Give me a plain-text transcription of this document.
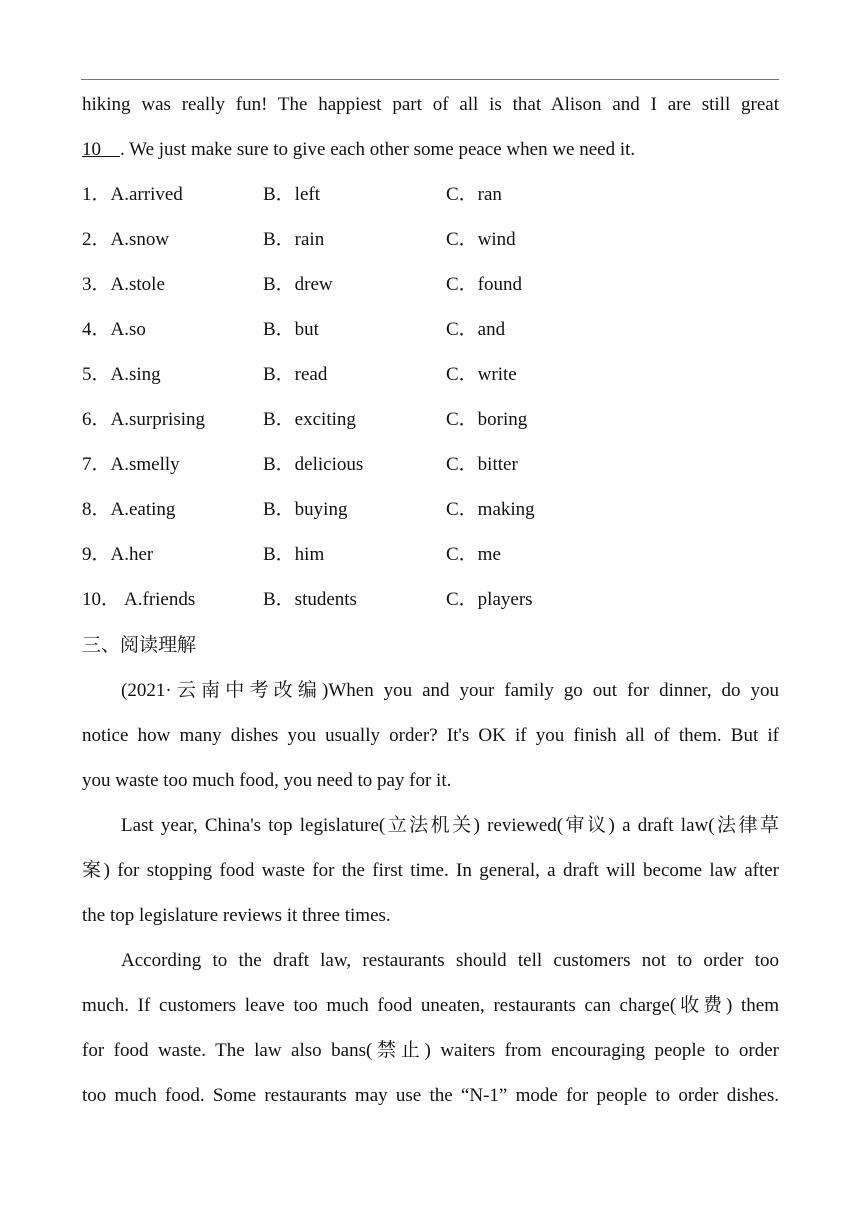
hiking was really fun! The happiest part of all is that Alison and I are still great
10 . We just make sure to give each other some peace when we need it.
1．A.arrived	B．left	C．ran
2．A.snow	B．rain	C．wind
3．A.stole	B．drew	C．found
4．A.so	B．but	C．and
5．A.sing	B．read	C．write
6．A.surprising	B．exciting	C．boring
7．A.smelly	B．delicious	C．bitter
8．A.eating	B．buying	C．making
9．A.her	B．him	C．me
10． A.friends	B．students	C．players
三、阅读理解
(2021·云南中考改编)When you and your family go out for dinner, do you
notice how many dishes you usually order? It's OK if you finish all of them. But if
you waste too much food, you need to pay for it.
Last year, China's top legislature(立法机关) reviewed(审议) a draft law(法律草
案) for stopping food waste for the first time. In general, a draft will become law after
the top legislature reviews it three times.
According to the draft law, restaurants should tell customers not to order too
much. If customers leave too much food uneaten, restaurants can charge(收费) them
for food waste. The law also bans(禁止) waiters from encouraging people to order
too much food. Some restaurants may use the “N-1” mode for people to order dishes.
